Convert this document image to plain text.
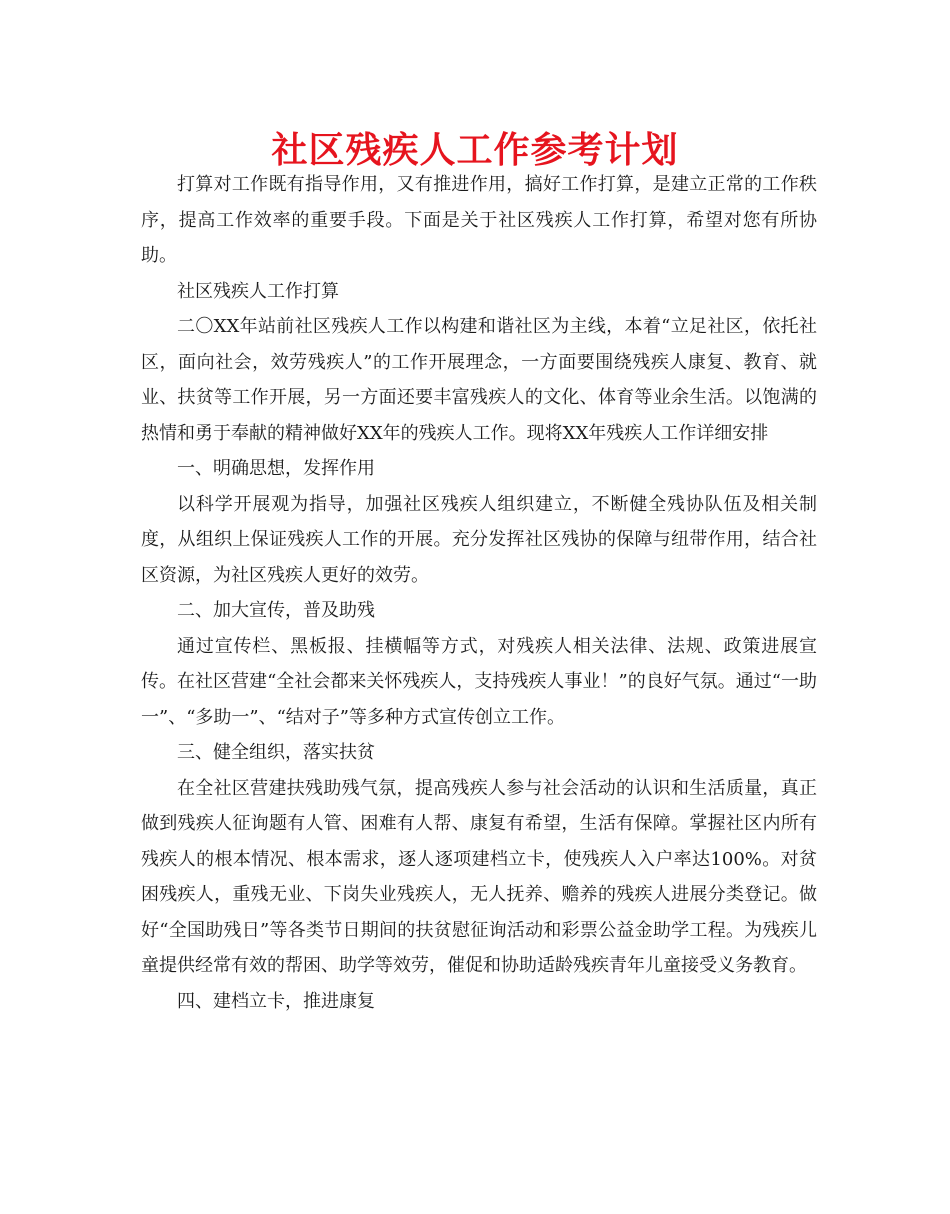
社区残疾人工作参考计划

打算对工作既有指导作用，又有推进作用，搞好工作打算，是建立正常的工作秩序，提高工作效率的重要手段。下面是关于社区残疾人工作打算，希望对您有所协助。

社区残疾人工作打算

二〇XX年站前社区残疾人工作以构建和谐社区为主线，本着“立足社区，依托社区，面向社会，效劳残疾人”的工作开展理念，一方面要围绕残疾人康复、教育、就业、扶贫等工作开展，另一方面还要丰富残疾人的文化、体育等业余生活。以饱满的热情和勇于奉献的精神做好XX年的残疾人工作。现将XX年残疾人工作详细安排

一、明确思想，发挥作用

以科学开展观为指导，加强社区残疾人组织建立，不断健全残协队伍及相关制度，从组织上保证残疾人工作的开展。充分发挥社区残协的保障与纽带作用，结合社区资源，为社区残疾人更好的效劳。

二、加大宣传，普及助残

通过宣传栏、黑板报、挂横幅等方式，对残疾人相关法律、法规、政策进展宣传。在社区营建“全社会都来关怀残疾人，支持残疾人事业！”的良好气氛。通过“一助一”、“多助一”、“结对子”等多种方式宣传创立工作。

三、健全组织，落实扶贫

在全社区营建扶残助残气氛，提高残疾人参与社会活动的认识和生活质量，真正做到残疾人征询题有人管、困难有人帮、康复有希望，生活有保障。掌握社区内所有残疾人的根本情况、根本需求，逐人逐项建档立卡，使残疾人入户率达100%。对贫困残疾人，重残无业、下岗失业残疾人，无人抚养、赡养的残疾人进展分类登记。做好“全国助残日”等各类节日期间的扶贫慰征询活动和彩票公益金助学工程。为残疾儿童提供经常有效的帮困、助学等效劳，催促和协助适龄残疾青年儿童接受义务教育。

四、建档立卡，推进康复
